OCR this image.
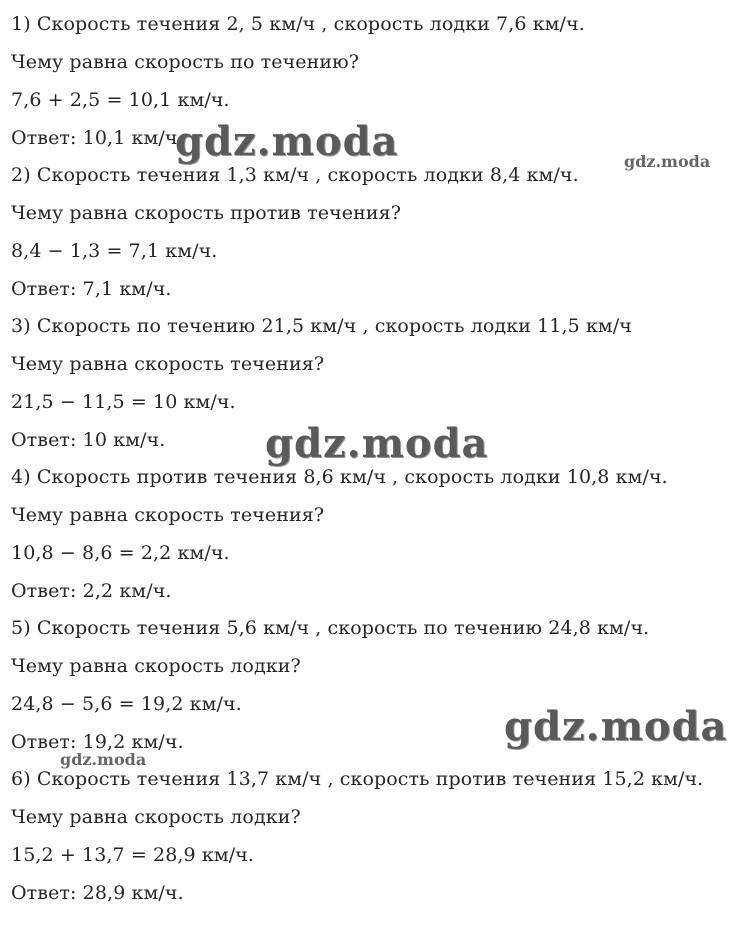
1) Скорость течения 2, 5 км/ч , скорость лодки 7,6 км/ч.

Чему равна скорость по течению?

7,6 + 2,5 = 10,1 км/ч.

Ответ: 10,1 км/ч.

2) Скорость течения 1,3 км/ч , скорость лодки 8,4 км/ч.

Чему равна скорость против течения?

8,4 − 1,3 = 7,1 км/ч.

Ответ: 7,1 км/ч.

3) Скорость по течению 21,5 км/ч , скорость лодки 11,5 км/ч

Чему равна скорость течения?

21,5 − 11,5 = 10 км/ч.

Ответ: 10 км/ч.

4) Скорость против течения 8,6 км/ч , скорость лодки 10,8 км/ч.

Чему равна скорость течения?

10,8 − 8,6 = 2,2 км/ч.

Ответ: 2,2 км/ч.

5) Скорость течения 5,6 км/ч , скорость по течению 24,8 км/ч.

Чему равна скорость лодки?

24,8 − 5,6 = 19,2 км/ч.

Ответ: 19,2 км/ч.

6) Скорость течения 13,7 км/ч , скорость против течения 15,2 км/ч.

Чему равна скорость лодки?

15,2 + 13,7 = 28,9 км/ч.

Ответ: 28,9 км/ч.

gdz.moda	gdz.moda
gdz.moda
gdz.moda
gdz.moda
